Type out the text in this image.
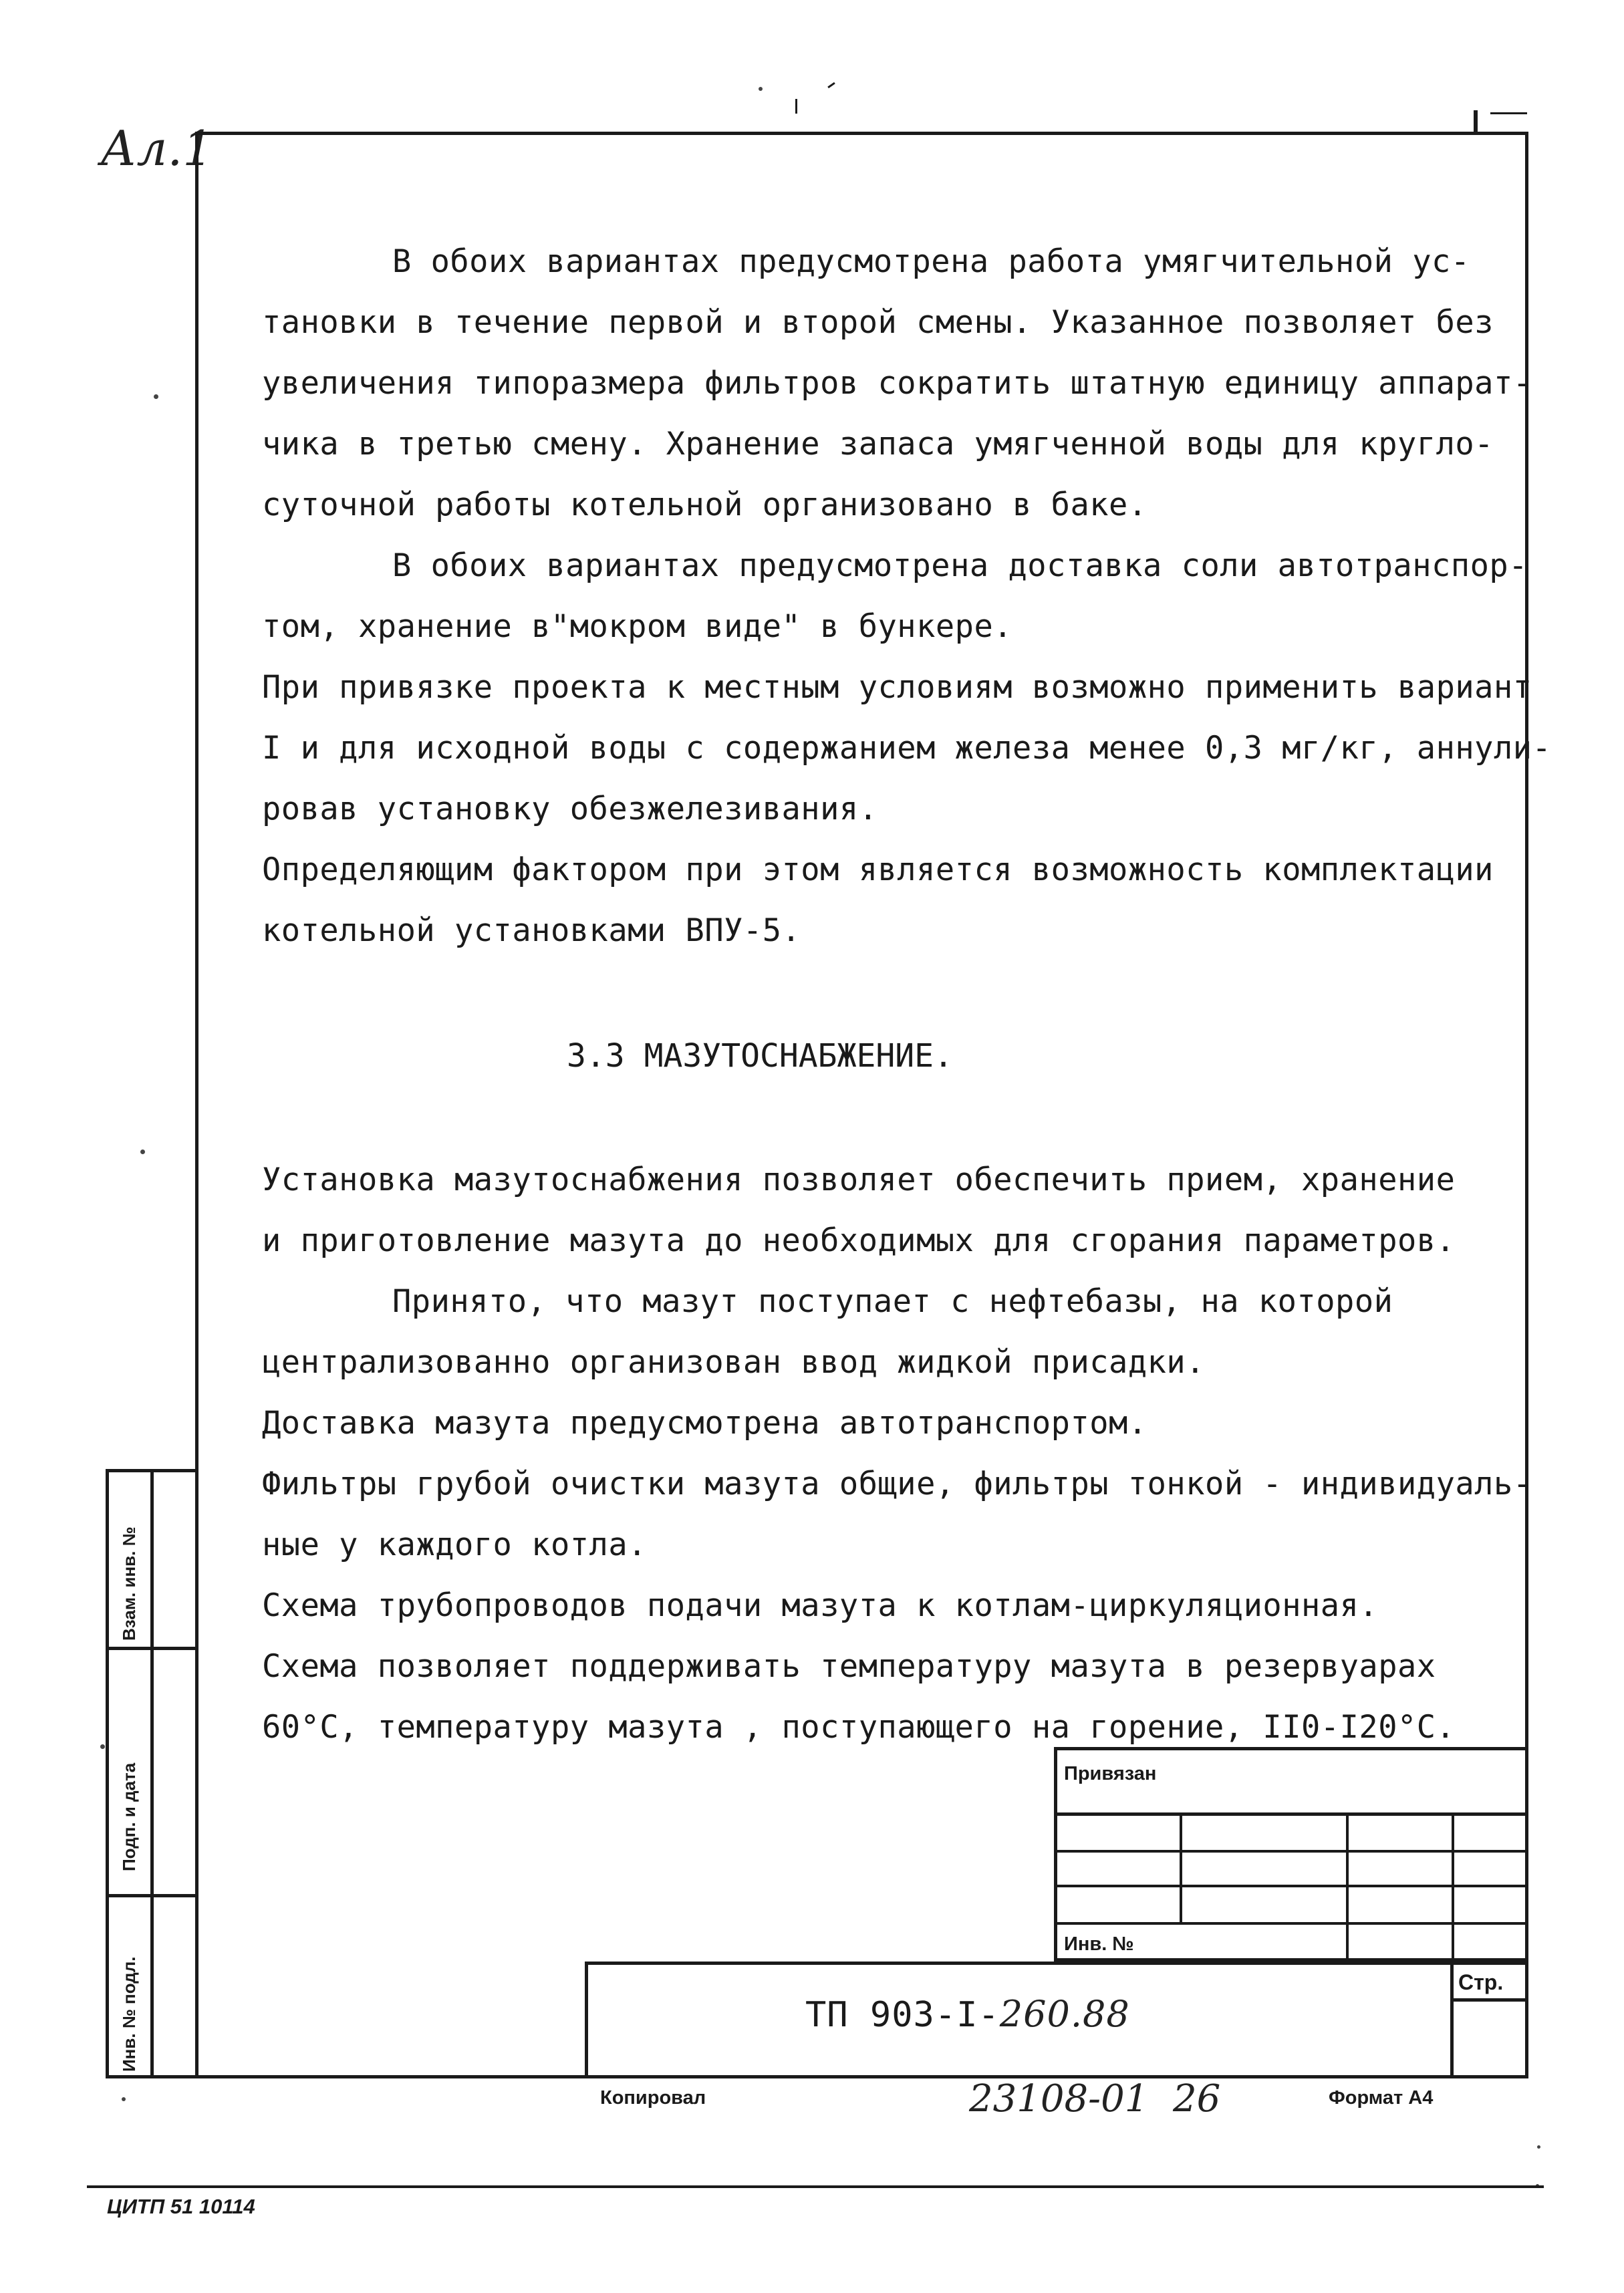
Ал.1

В обоих вариантах предусмотрена работа умягчительной ус-

тановки в течение первой и второй смены. Указанное позволяет без

увеличения типоразмера фильтров сократить штатную единицу аппарат-

чика в третью смену. Хранение запаса умягченной воды для кругло-

суточной работы котельной организовано в баке.

В обоих вариантах предусмотрена доставка соли автотранспор-

том, хранение в"мокром виде" в бункере.

При привязке проекта к местным условиям возможно применить вариант

I и для исходной воды с содержанием железа менее 0,3 мг/кг, аннули-

ровав установку обезжелезивания.

Определяющим фактором при этом является возможность комплектации

котельной установками ВПУ-5.

3.3 МАЗУТОСНАБЖЕНИЕ.

Установка мазутоснабжения позволяет обеспечить прием, хранение

и приготовление мазута до необходимых для сгорания параметров.

Принято, что мазут поступает с нефтебазы, на которой

централизованно организован ввод жидкой присадки.

Доставка мазута предусмотрена автотранспортом.

Фильтры грубой очистки мазута общие, фильтры тонкой - индивидуаль-

ные у каждого котла.

Схема трубопроводов подачи мазута к котлам-циркуляционная.

Схема позволяет поддерживать температуру мазута в резервуарах

60°С, температуру мазута , поступающего на горение, II0-I20°С.

Взам. инв. №
Подп. и дата
Инв. № подл.
Привязан
Инв. №
Стр.
ТП 903-I-260.88
Копировал	23108-01 26	Формат А4
ЦИТП 51 10114
